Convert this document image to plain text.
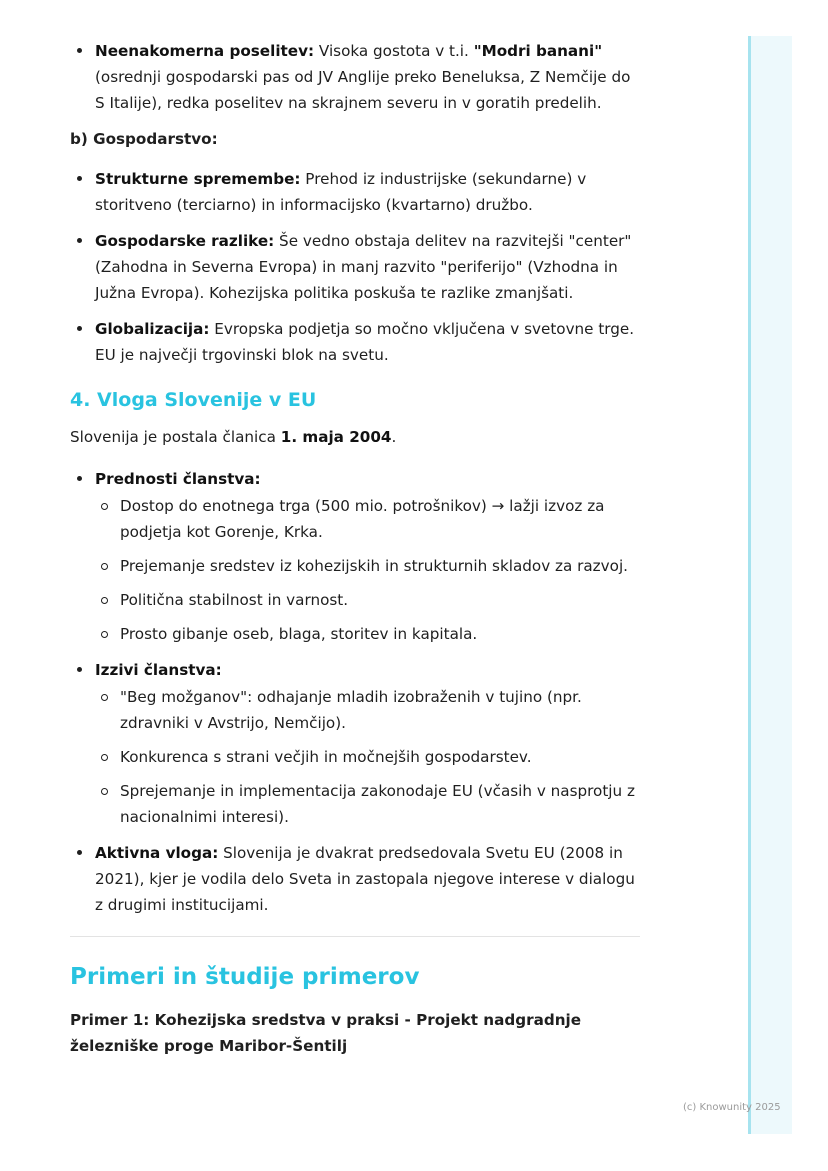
Neenakomerna poselitev: Visoka gostota v t.i. "Modri banani" (osrednji gospodarski pas od JV Anglije preko Beneluksa, Z Nemčije do S Italije), redka poselitev na skrajnem severu in v goratih predelih.
b) Gospodarstvo:
Strukturne spremembe: Prehod iz industrijske (sekundarne) v storitveno (terciarno) in informacijsko (kvartarno) družbo.
Gospodarske razlike: Še vedno obstaja delitev na razvitejši "center" (Zahodna in Severna Evropa) in manj razvito "periferijo" (Vzhodna in Južna Evropa). Kohezijska politika poskuša te razlike zmanjšati.
Globalizacija: Evropska podjetja so močno vključena v svetovne trge. EU je največji trgovinski blok na svetu.
4. Vloga Slovenije v EU

Slovenija je postala članica 1. maja 2004.

Prednosti članstva:
Dostop do enotnega trga (500 mio. potrošnikov) → lažji izvoz za podjetja kot Gorenje, Krka.
Prejemanje sredstev iz kohezijskih in strukturnih skladov za razvoj.
Politična stabilnost in varnost.
Prosto gibanje oseb, blaga, storitev in kapitala.
Izzivi članstva:
"Beg možganov": odhajanje mladih izobraženih v tujino (npr. zdravniki v Avstrijo, Nemčijo).
Konkurenca s strani večjih in močnejših gospodarstev.
Sprejemanje in implementacija zakonodaje EU (včasih v nasprotju z nacionalnimi interesi).
Aktivna vloga: Slovenija je dvakrat predsedovala Svetu EU (2008 in 2021), kjer je vodila delo Sveta in zastopala njegove interese v dialogu z drugimi institucijami.
Primeri in študije primerov

Primer 1: Kohezijska sredstva v praksi - Projekt nadgradnje železniške proge Maribor-Šentilj

(c) Knowunity 2025
